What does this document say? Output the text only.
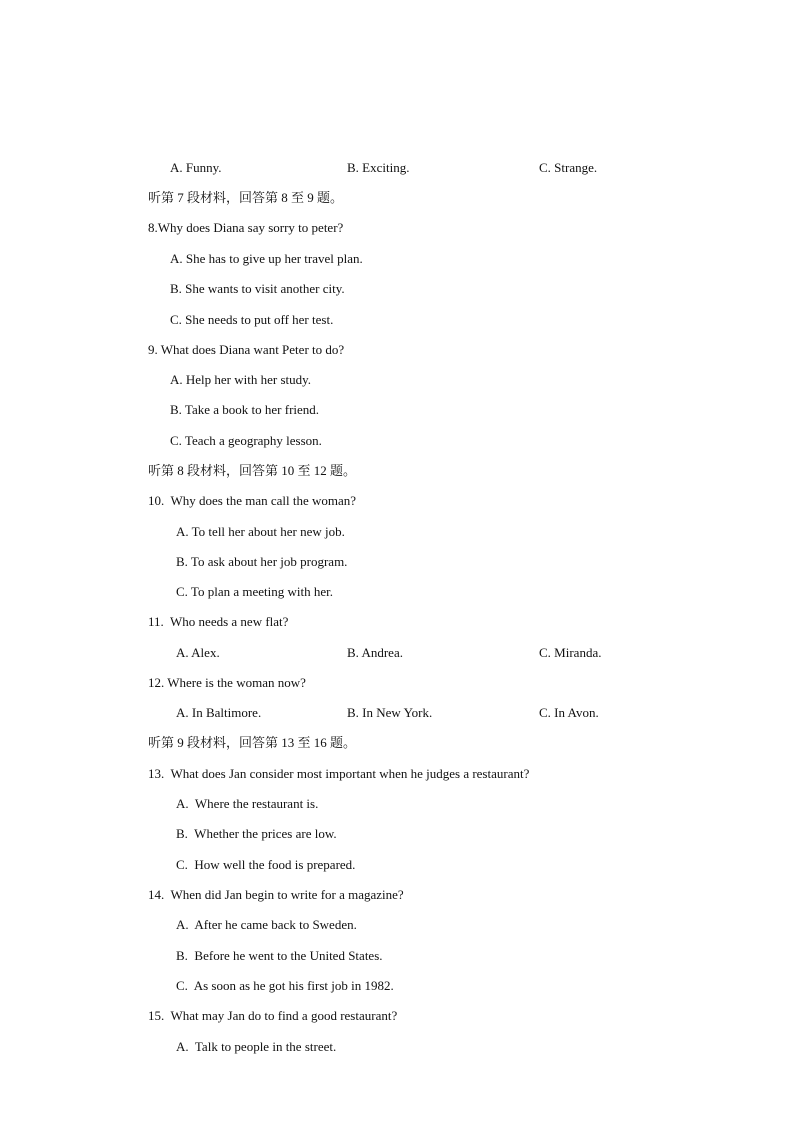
A. Funny.	B. Exciting.	C. Strange.
听第 7 段材料，回答第 8 至 9 题。
8.Why does Diana say sorry to peter?
A. She has to give up her travel plan.
B. She wants to visit another city.
C. She needs to put off her test.
9. What does Diana want Peter to do?
A. Help her with her study.
B. Take a book to her friend.
C. Teach a geography lesson.
听第 8 段材料，回答第 10 至 12 题。
10.  Why does the man call the woman?
A. To tell her about her new job.
B. To ask about her job program.
C. To plan a meeting with her.
11.  Who needs a new flat?
A. Alex.	B. Andrea.	C. Miranda.
12. Where is the woman now?
A. In Baltimore.	B. In New York.	C. In Avon.
听第 9 段材料，回答第 13 至 16 题。
13.  What does Jan consider most important when he judges a restaurant?
A.  Where the restaurant is.
B.  Whether the prices are low.
C.  How well the food is prepared.
14.  When did Jan begin to write for a magazine?
A.  After he came back to Sweden.
B.  Before he went to the United States.
C.  As soon as he got his first job in 1982.
15.  What may Jan do to find a good restaurant?
A.  Talk to people in the street.
